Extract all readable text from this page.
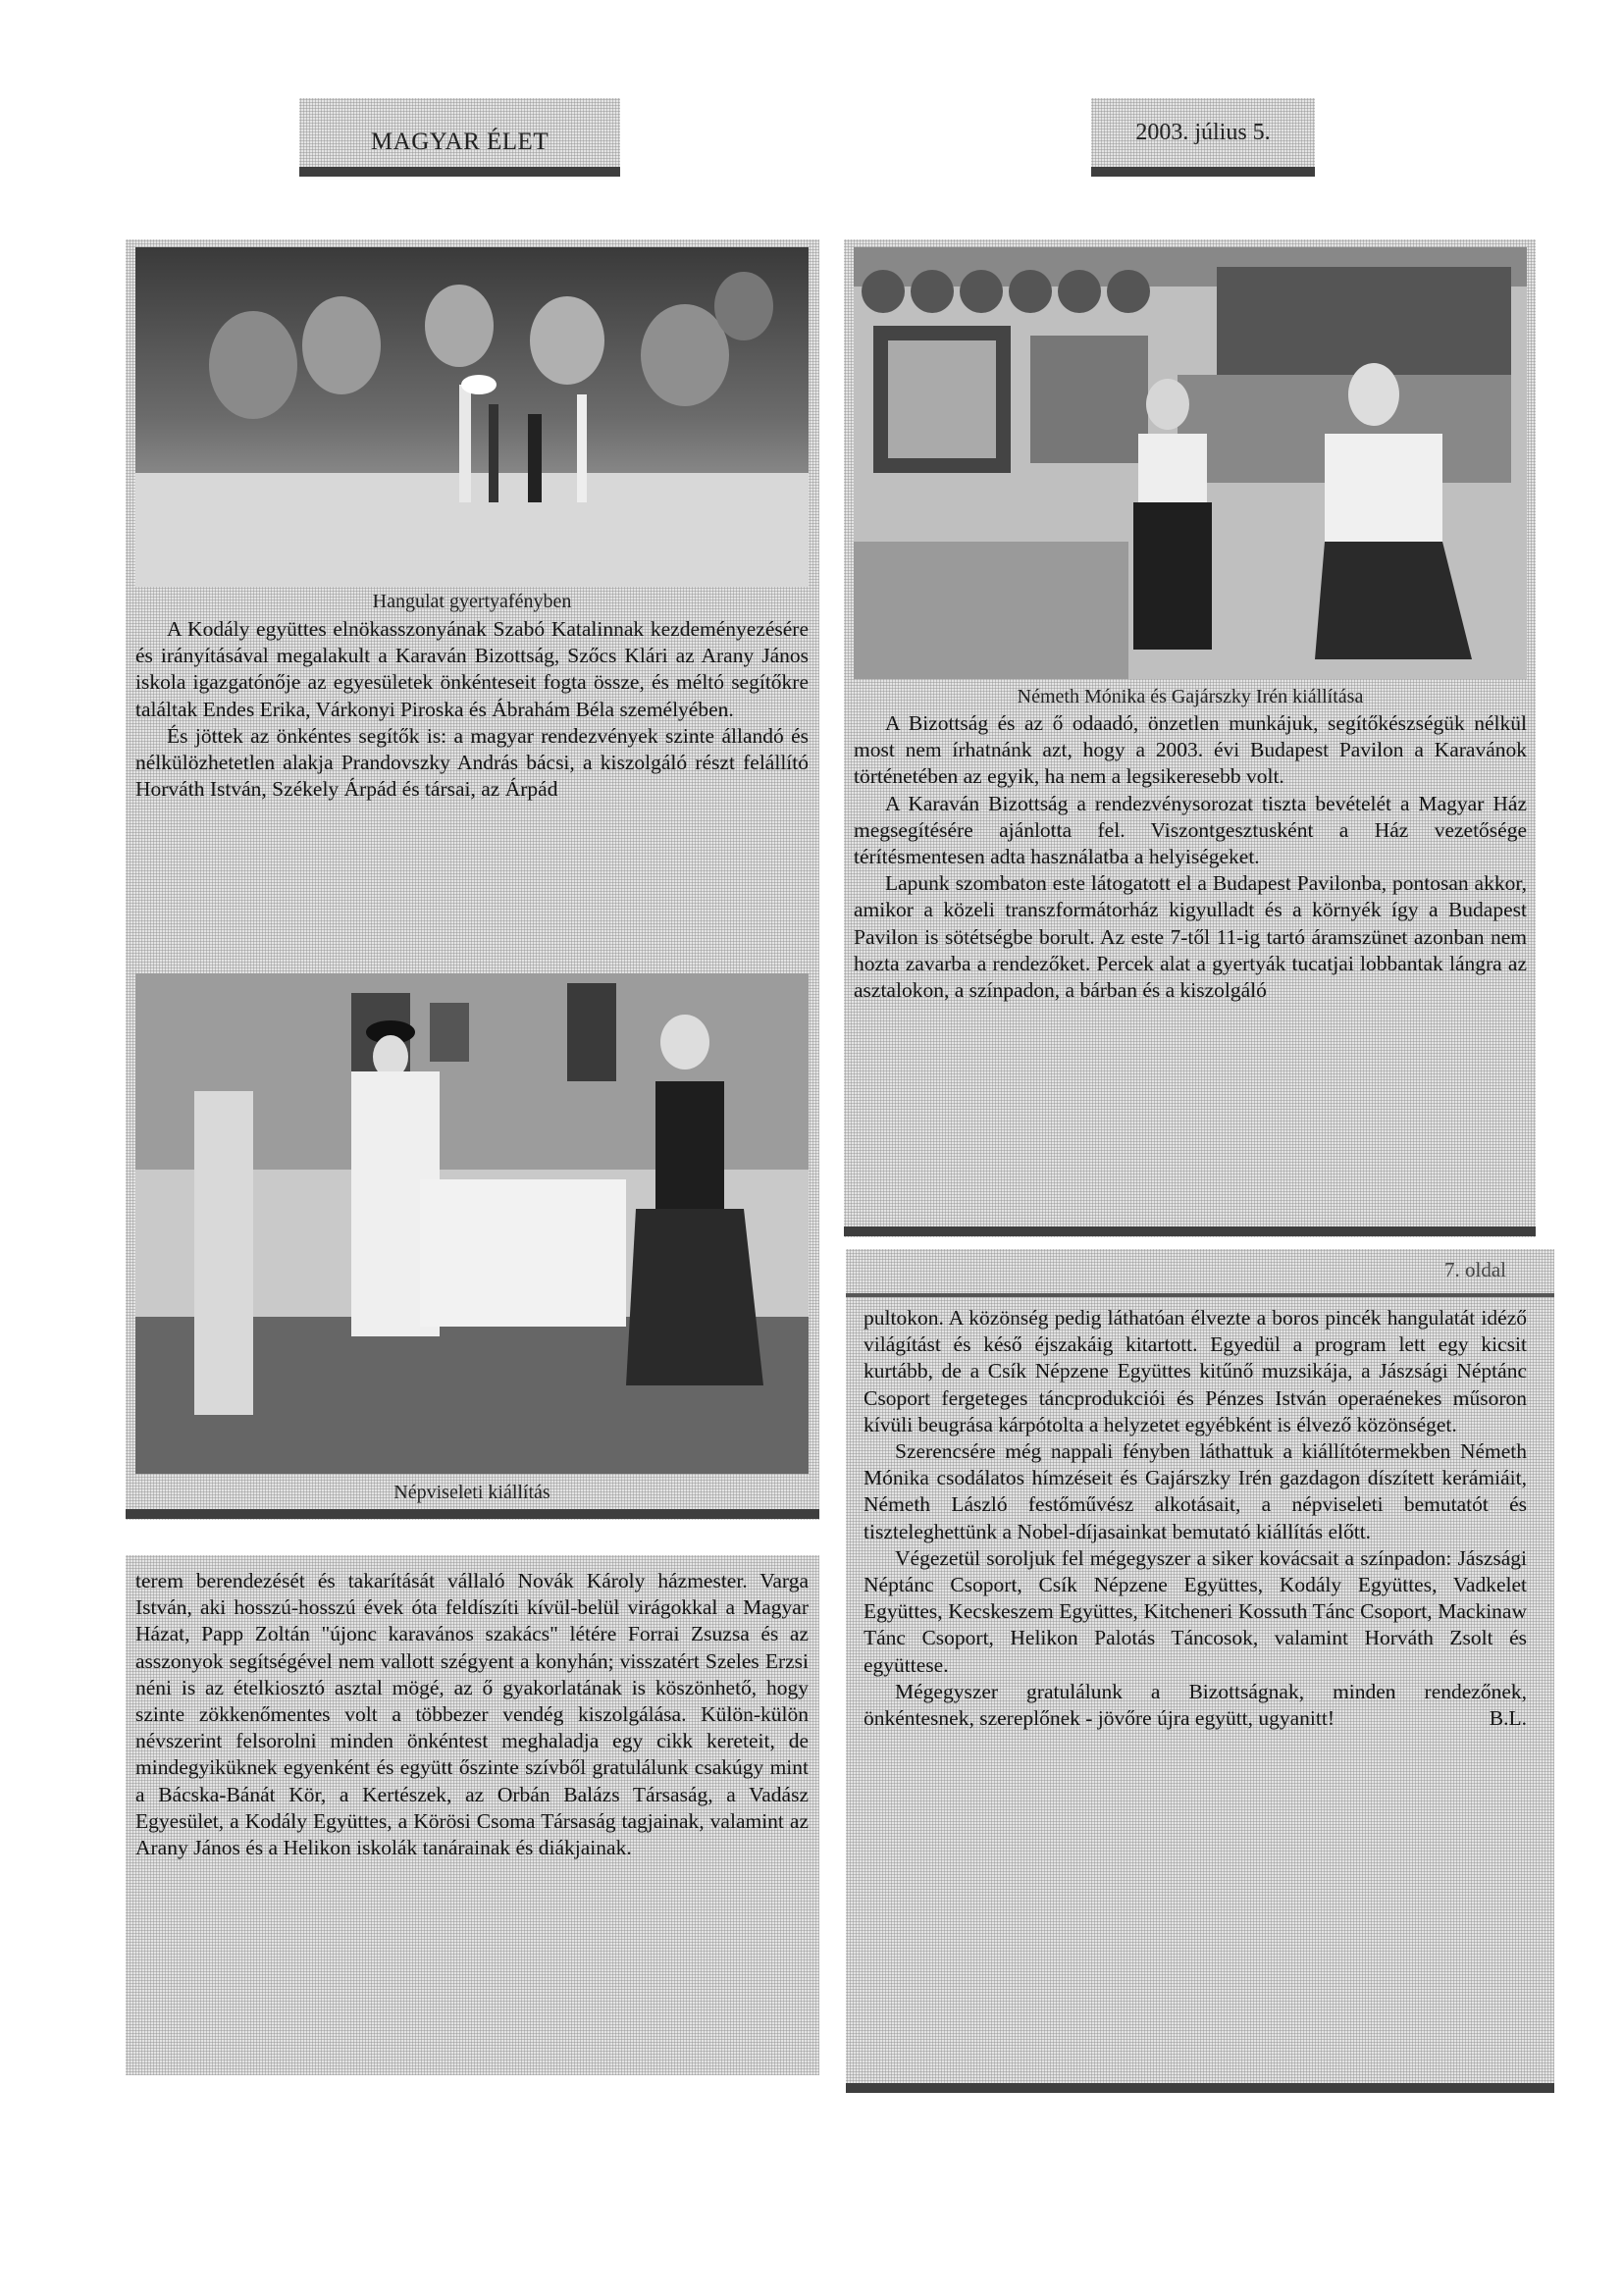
MAGYAR ÉLET	2003. július 5.
Hangulat gyertyafényben

A Kodály együttes elnökasszonyának Szabó Katalinnak kezdeményezésére és irányításával megalakult a Karaván Bizottság, Szőcs Klári az Arany János iskola igazgatónője az egyesületek önkénteseit fogta össze, és méltó segítőkre találtak Endes Erika, Várkonyi Piroska és Ábrahám Béla személyében.

És jöttek az önkéntes segítők is: a magyar rendezvények szinte állandó és nélkülözhetetlen alakja Prandovszky András bácsi, a kiszolgáló részt felállító Horváth István, Székely Árpád és társai, az Árpád

Népviseleti kiállítás

terem berendezését és takarítását vállaló Novák Károly házmester. Varga István, aki hosszú-hosszú évek óta feldíszíti kívül-belül virágokkal a Magyar Házat, Papp Zoltán "újonc karavános szakács" létére Forrai Zsuzsa és az asszonyok segítségével nem vallott szégyent a konyhán; visszatért Szeles Erzsi néni is az ételkiosztó asztal mögé, az ő gyakorlatának is köszönhető, hogy szinte zökkenőmentes volt a többezer vendég kiszolgálása. Külön-külön névszerint felsorolni minden önkéntest meghaladja egy cikk kereteit, de mindegyiküknek egyenként és együtt őszinte szívből gratulálunk csakúgy mint a Bácska-Bánát Kör, a Kertészek, az Orbán Balázs Társaság, a Vadász Egyesület, a Kodály Együttes, a Körösi Csoma Társaság tagjainak, valamint az Arany János és a Helikon iskolák tanárainak és diákjainak.

Németh Mónika és Gajárszky Irén kiállítása

A Bizottság és az ő odaadó, önzetlen munkájuk, segítőkészségük nélkül most nem írhatnánk azt, hogy a 2003. évi Budapest Pavilon a Karavánok történetében az egyik, ha nem a legsikeresebb volt.

A Karaván Bizottság a rendezvénysorozat tiszta bevételét a Magyar Ház megsegítésére ajánlotta fel. Viszontgesztusként a Ház vezetősége térítésmentesen adta használatba a helyiségeket.

Lapunk szombaton este látogatott el a Budapest Pavilonba, pontosan akkor, amikor a közeli transzformátorház kigyulladt és a környék így a Budapest Pavilon is sötétségbe borult. Az este 7-től 11-ig tartó áramszünet azonban nem hozta zavarba a rendezőket. Percek alat a gyertyák tucatjai lobbantak lángra az asztalokon, a színpadon, a bárban és a kiszolgáló

7. oldal

pultokon. A közönség pedig láthatóan élvezte a boros pincék hangulatát idéző világítást és késő éjszakáig kitartott. Egyedül a program lett egy kicsit kurtább, de a Csík Népzene Együttes kitűnő muzsikája, a Jászsági Néptánc Csoport fergeteges táncprodukciói és Pénzes István operaénekes műsoron kívüli beugrása kárpótolta a helyzetet egyébként is élvező közönséget.

Szerencsére még nappali fényben láthattuk a kiállítótermekben Németh Mónika csodálatos hímzéseit és Gajárszky Irén gazdagon díszített kerámiáit, Németh László festőművész alkotásait, a népviseleti bemutatót és tiszteleghettünk a Nobel-díjasainkat bemutató kiállítás előtt.

Végezetül soroljuk fel mégegyszer a siker kovácsait a színpadon: Jászsági Néptánc Csoport, Csík Népzene Együttes, Kodály Együttes, Vadkelet Együttes, Kecskeszem Együttes, Kitcheneri Kossuth Tánc Csoport, Mackinaw Tánc Csoport, Helikon Palotás Táncosok, valamint Horváth Zsolt és együttese.

Mégegyszer gratulálunk a Bizottságnak, minden rendezőnek, önkéntesnek, szereplőnek - jövőre újra együtt, ugyanitt!	B.L.
